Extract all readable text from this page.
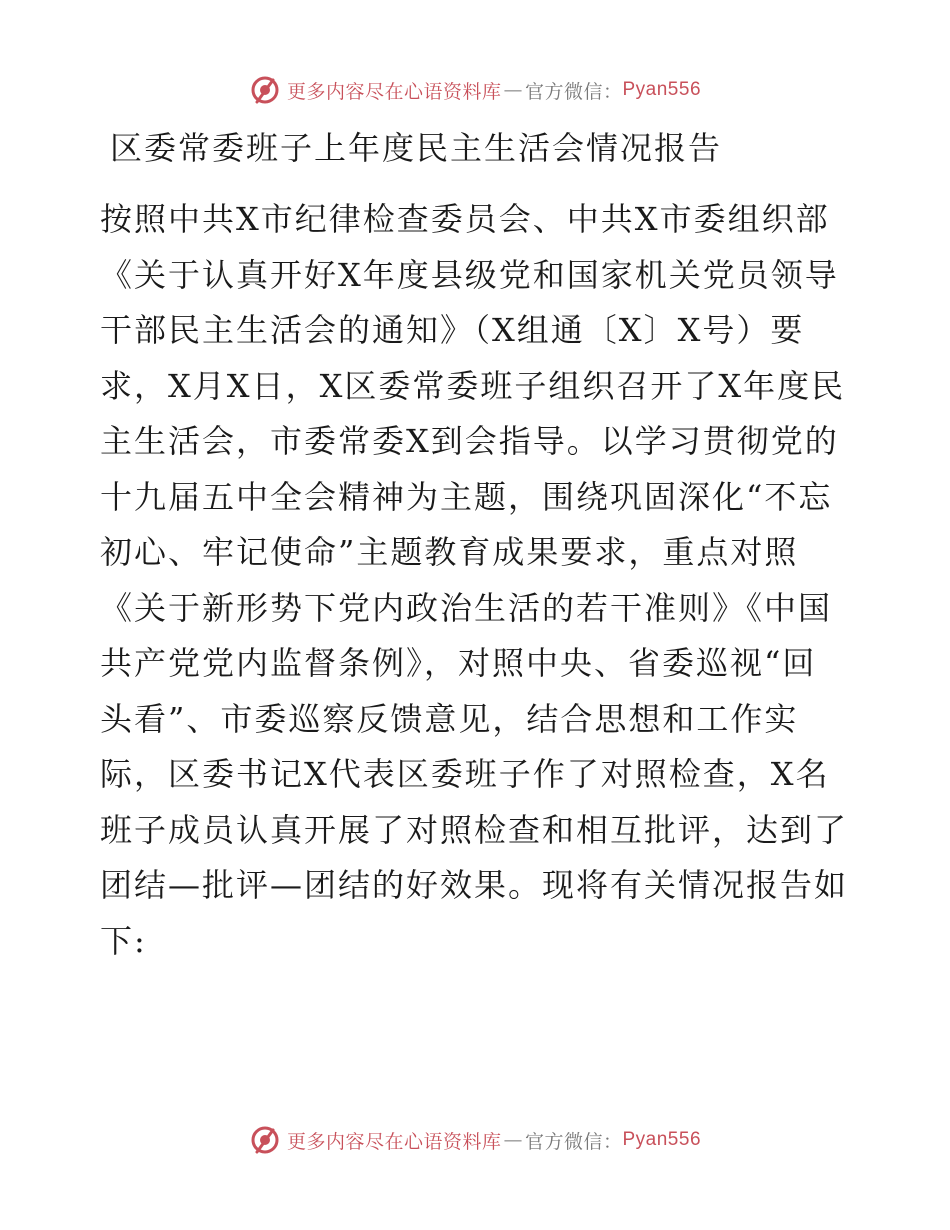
更多内容尽在心语资料库 — 官方微信： Pyan556
区委常委班子上年度民主生活会情况报告
按照中共X市纪律检查委员会、中共X市委组织部
《关于认真开好X年度县级党和国家机关党员领导
干部民主生活会的通知》（X组通〔X〕X号）要
求，X月X日，X区委常委班子组织召开了X年度民
主生活会，市委常委X到会指导。以学习贯彻党的
十九届五中全会精神为主题，围绕巩固深化“不忘
初心、牢记使命”主题教育成果要求，重点对照
《关于新形势下党内政治生活的若干准则》《中国
共产党党内监督条例》，对照中央、省委巡视“回
头看”、市委巡察反馈意见，结合思想和工作实
际，区委书记X代表区委班子作了对照检查，X名
班子成员认真开展了对照检查和相互批评，达到了
团结—批评—团结的好效果。现将有关情况报告如
下:
更多内容尽在心语资料库 — 官方微信： Pyan556
